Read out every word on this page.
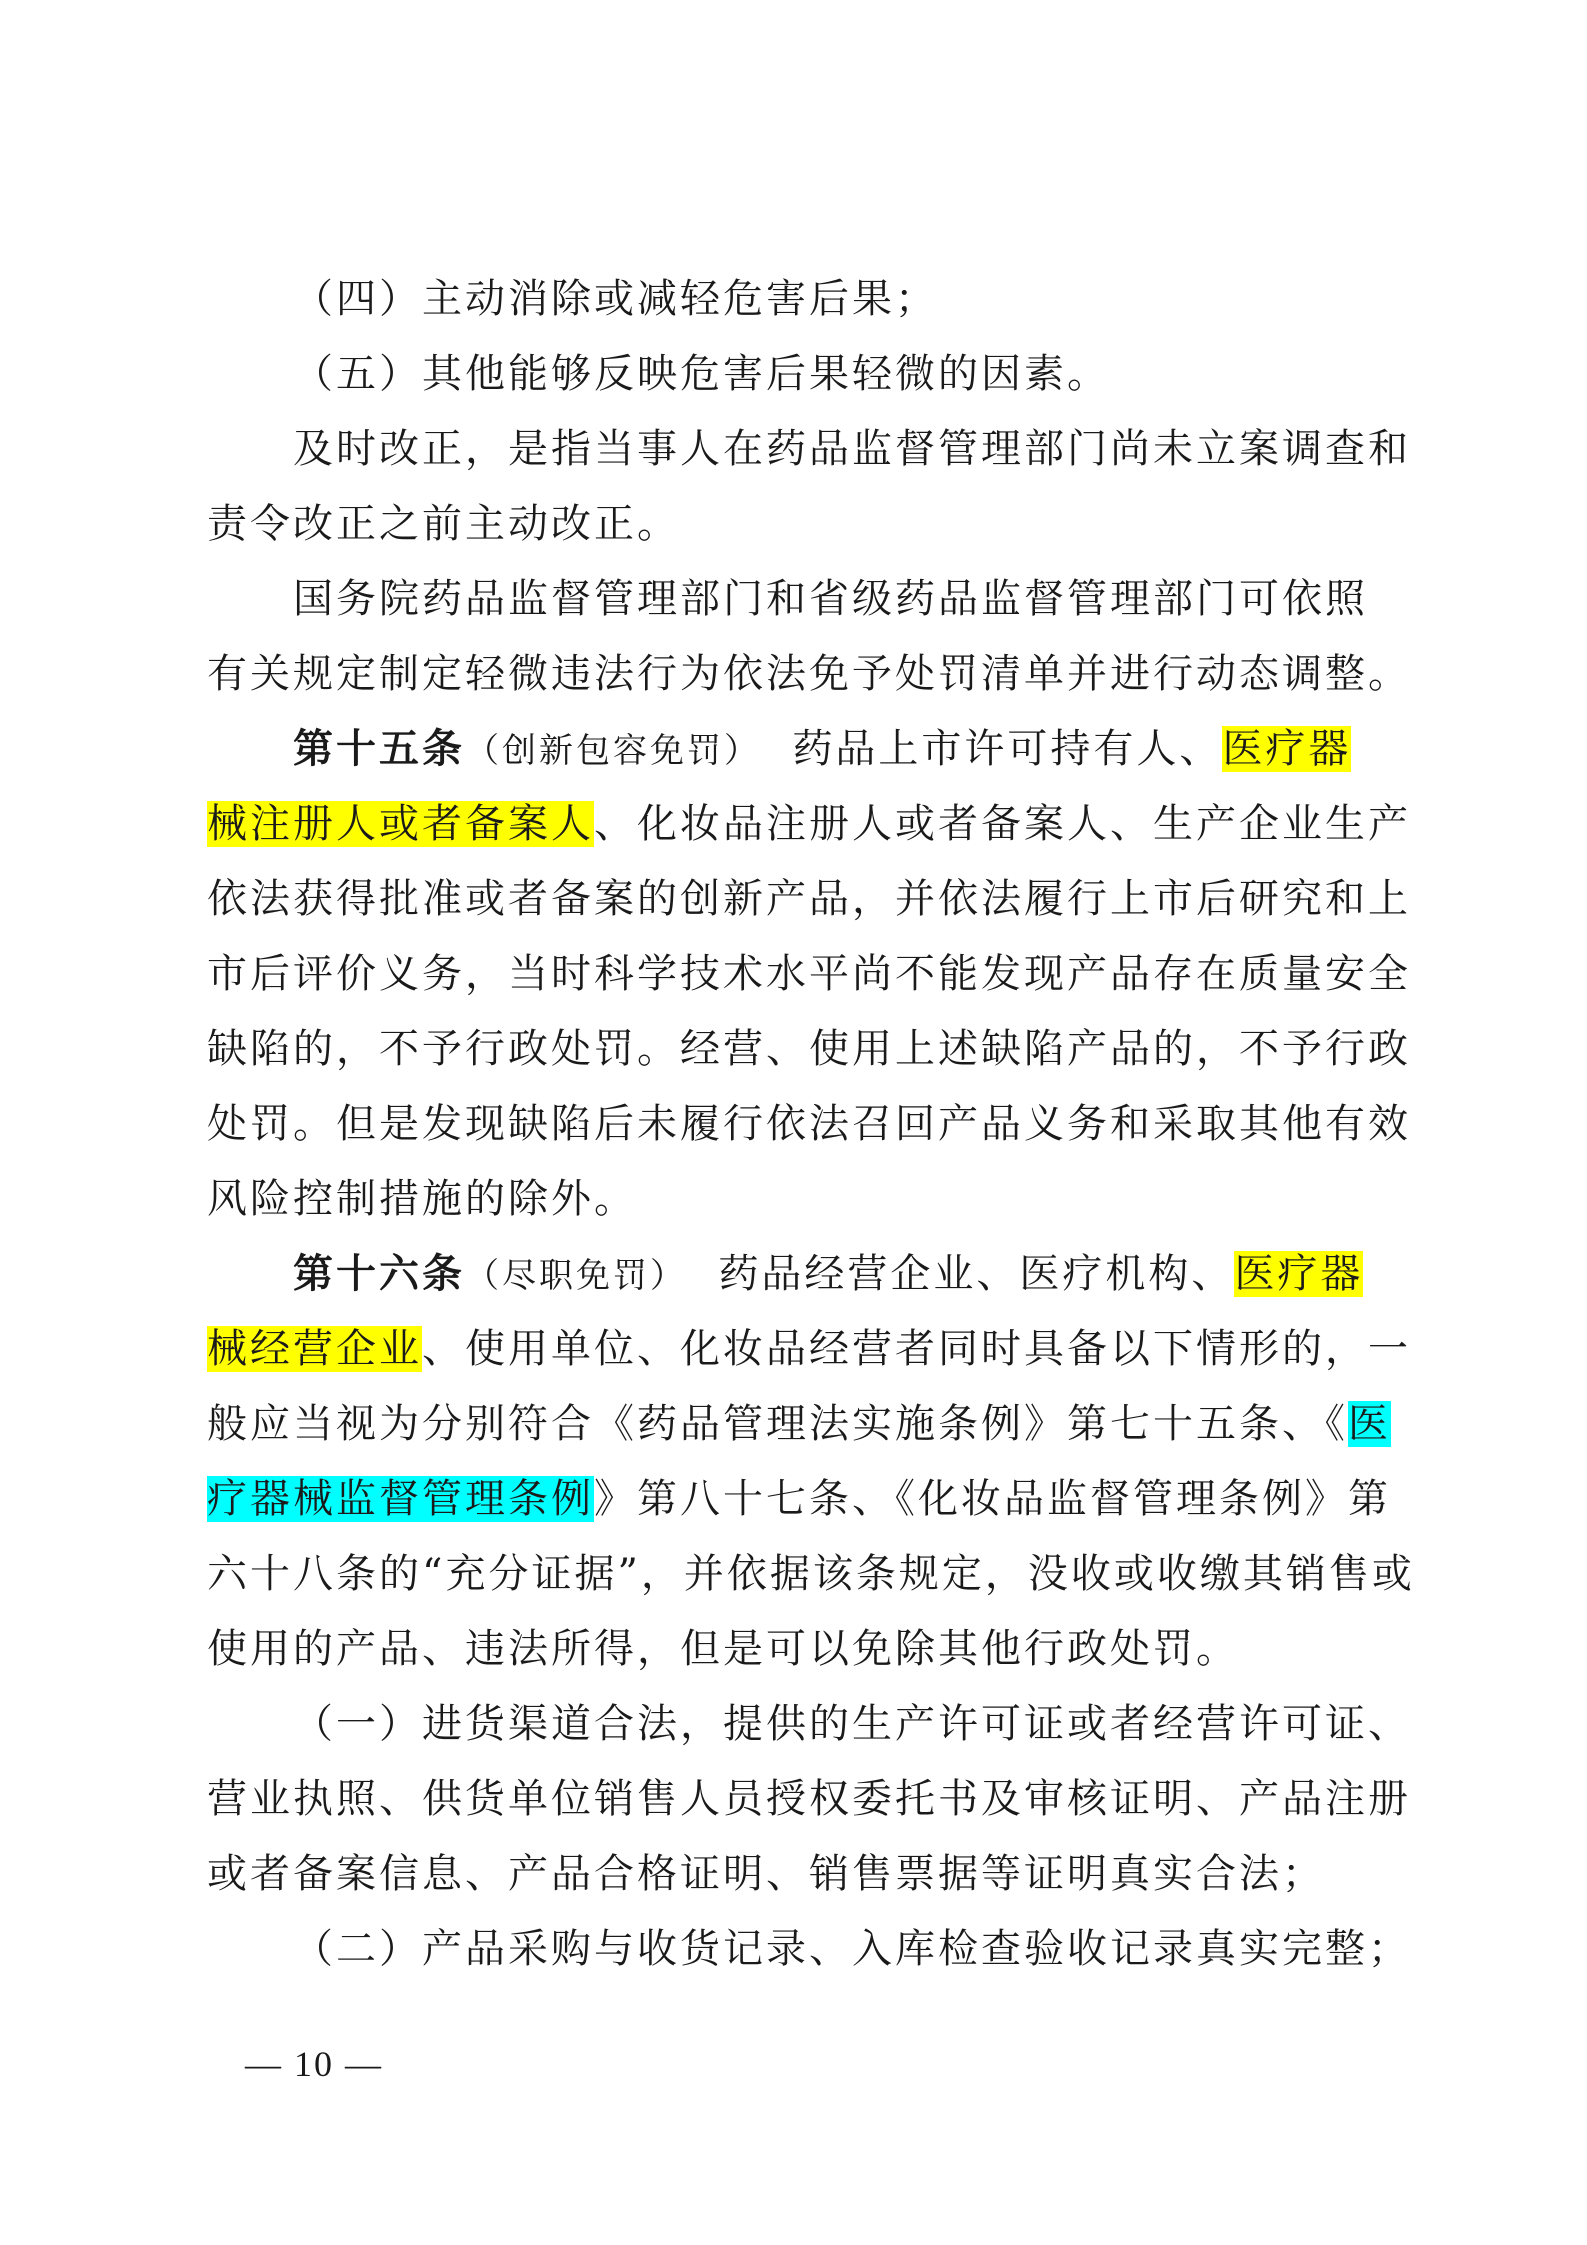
（四）主动消除或减轻危害后果；
（五）其他能够反映危害后果轻微的因素。
及时改正，是指当事人在药品监督管理部门尚未立案调查和
责令改正之前主动改正。
国务院药品监督管理部门和省级药品监督管理部门可依照
有关规定制定轻微违法行为依法免予处罚清单并进行动态调整。
第十五条（创新包容免罚） 药品上市许可持有人、医疗器
械注册人或者备案人、化妆品注册人或者备案人、生产企业生产
依法获得批准或者备案的创新产品，并依法履行上市后研究和上
市后评价义务，当时科学技术水平尚不能发现产品存在质量安全
缺陷的，不予行政处罚。经营、使用上述缺陷产品的，不予行政
处罚。但是发现缺陷后未履行依法召回产品义务和采取其他有效
风险控制措施的除外。
第十六条（尽职免罚） 药品经营企业、医疗机构、医疗器
械经营企业、使用单位、化妆品经营者同时具备以下情形的，一
般应当视为分别符合《药品管理法实施条例》第七十五条、《医
疗器械监督管理条例》第八十七条、《化妆品监督管理条例》第
六十八条的“充分证据”，并依据该条规定，没收或收缴其销售或
使用的产品、违法所得，但是可以免除其他行政处罚。
（一）进货渠道合法，提供的生产许可证或者经营许可证、
营业执照、供货单位销售人员授权委托书及审核证明、产品注册
或者备案信息、产品合格证明、销售票据等证明真实合法；
（二）产品采购与收货记录、入库检查验收记录真实完整；
— 10 —
